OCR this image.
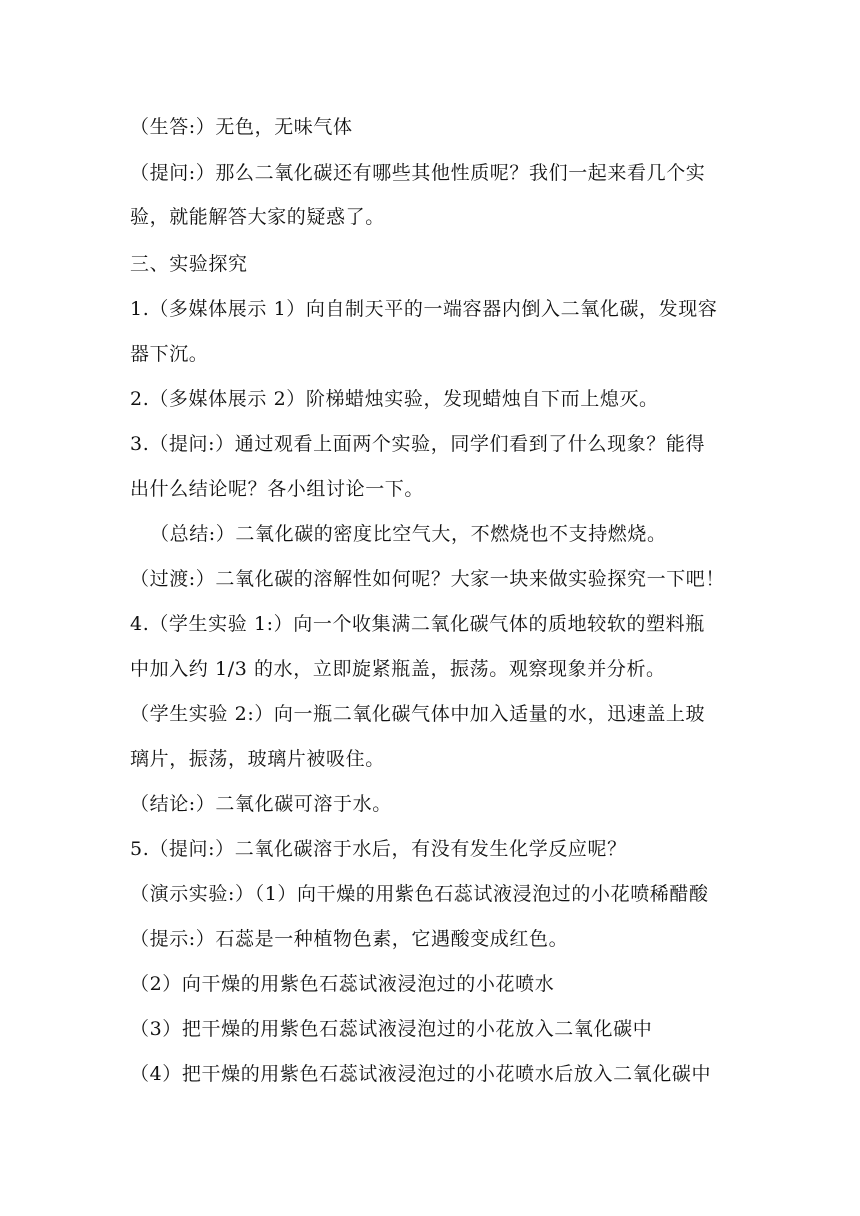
（生答:）无色，无味气体
（提问:）那么二氧化碳还有哪些其他性质呢？我们一起来看几个实
验，就能解答大家的疑惑了。
三、实验探究
1.（多媒体展示 1）向自制天平的一端容器内倒入二氧化碳，发现容
器下沉。
2.（多媒体展示 2）阶梯蜡烛实验，发现蜡烛自下而上熄灭。
3.（提问:）通过观看上面两个实验，同学们看到了什么现象？能得
出什么结论呢？各小组讨论一下。
（总结:）二氧化碳的密度比空气大，不燃烧也不支持燃烧。
（过渡:）二氧化碳的溶解性如何呢？大家一块来做实验探究一下吧！
4.（学生实验 1:）向一个收集满二氧化碳气体的质地较软的塑料瓶
中加入约 1/3 的水，立即旋紧瓶盖，振荡。观察现象并分析。
（学生实验 2:）向一瓶二氧化碳气体中加入适量的水，迅速盖上玻
璃片，振荡，玻璃片被吸住。
（结论:）二氧化碳可溶于水。
5.（提问:）二氧化碳溶于水后，有没有发生化学反应呢？
（演示实验:）（1）向干燥的用紫色石蕊试液浸泡过的小花喷稀醋酸
（提示:）石蕊是一种植物色素，它遇酸变成红色。
（2）向干燥的用紫色石蕊试液浸泡过的小花喷水
（3）把干燥的用紫色石蕊试液浸泡过的小花放入二氧化碳中
（4）把干燥的用紫色石蕊试液浸泡过的小花喷水后放入二氧化碳中
